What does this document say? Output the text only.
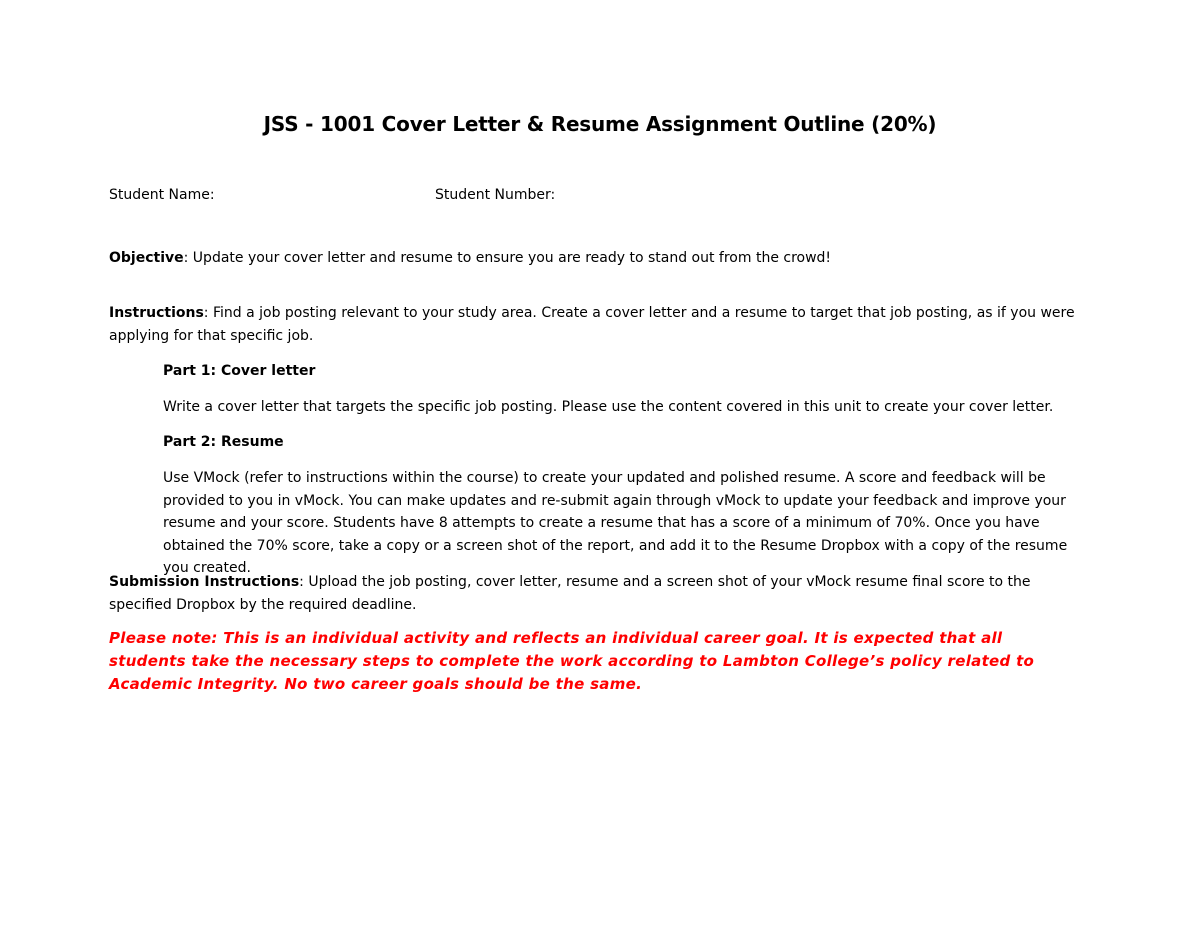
JSS - 1001 Cover Letter & Resume Assignment Outline (20%)
Student Name:	Student Number:
Objective: Update your cover letter and resume to ensure you are ready to stand out from the crowd!
Instructions: Find a job posting relevant to your study area. Create a cover letter and a resume to target that job posting, as if you were applying for that specific job.
Part 1: Cover letter
Write a cover letter that targets the specific job posting. Please use the content covered in this unit to create your cover letter.
Part 2: Resume
Use VMock (refer to instructions within the course) to create your updated and polished resume. A score and feedback will be provided to you in vMock. You can make updates and re-submit again through vMock to update your feedback and improve your resume and your score. Students have 8 attempts to create a resume that has a score of a minimum of 70%. Once you have obtained the 70% score, take a copy or a screen shot of the report, and add it to the Resume Dropbox with a copy of the resume you created.
Submission Instructions: Upload the job posting, cover letter, resume and a screen shot of your vMock resume final score to the specified Dropbox by the required deadline.
Please note: This is an individual activity and reflects an individual career goal. It is expected that all students take the necessary steps to complete the work according to Lambton College’s policy related to Academic Integrity. No two career goals should be the same.
